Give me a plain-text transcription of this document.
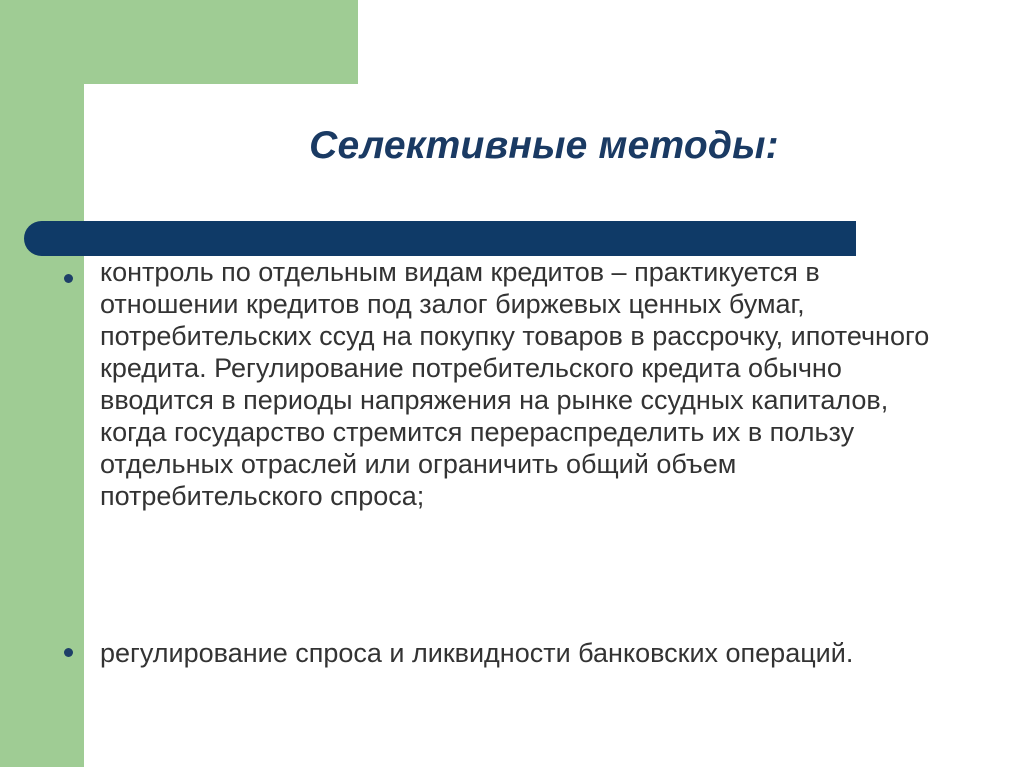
Селективные методы:

контроль по отдельным видам кредитов – практикуется в отношении кредитов под залог биржевых ценных бумаг, потребительских ссуд на покупку товаров в рассрочку, ипотечного кредита. Регулирование потребительского кредита обычно вводится в периоды напряжения на рынке ссудных капиталов, когда государство стремится перераспределить их в пользу отдельных отраслей или ограничить общий объем потребительского спроса;

регулирование спроса и ликвидности банковских операций.
